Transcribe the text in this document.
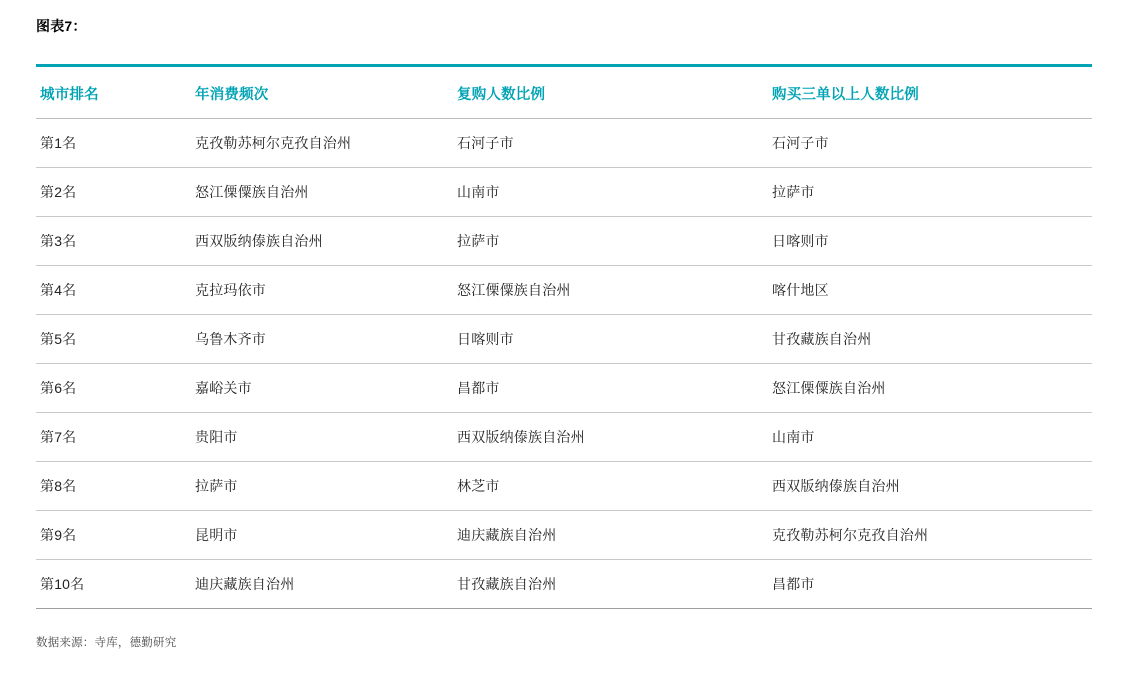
图表7：
城市排名	年消费频次	复购人数比例	购买三单以上人数比例
第1名	克孜勒苏柯尔克孜自治州	石河子市	石河子市
第2名	怒江傈僳族自治州	山南市	拉萨市
第3名	西双版纳傣族自治州	拉萨市	日喀则市
第4名	克拉玛依市	怒江傈僳族自治州	喀什地区
第5名	乌鲁木齐市	日喀则市	甘孜藏族自治州
第6名	嘉峪关市	昌都市	怒江傈僳族自治州
第7名	贵阳市	西双版纳傣族自治州	山南市
第8名	拉萨市	林芝市	西双版纳傣族自治州
第9名	昆明市	迪庆藏族自治州	克孜勒苏柯尔克孜自治州
第10名	迪庆藏族自治州	甘孜藏族自治州	昌都市
数据来源：寺库，德勤研究
